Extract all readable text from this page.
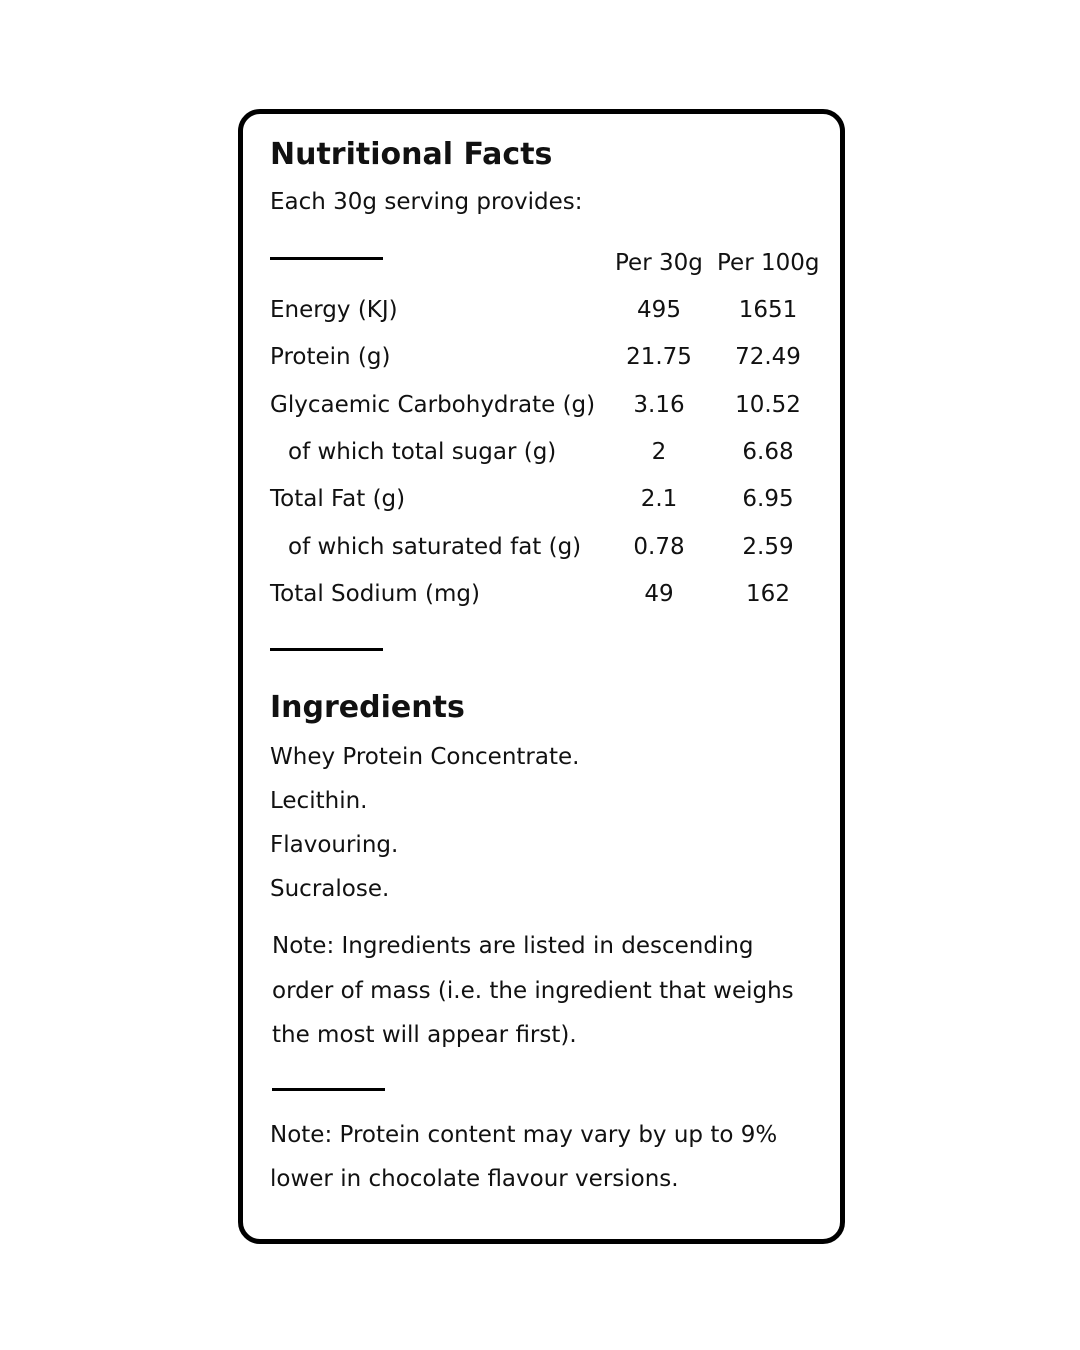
Nutritional Facts
Each 30g serving provides:
Per 30g Per 100g
Energy (KJ)	495	1651
Protein (g)	21.75	72.49
Glycaemic Carbohydrate (g)	3.16	10.52
of which total sugar (g)	2	6.68
Total Fat (g)	2.1	6.95
of which saturated fat (g)	0.78	2.59
Total Sodium (mg)	49	162
Ingredients
Whey Protein Concentrate.
Lecithin.
Flavouring.
Sucralose.
Note: Ingredients are listed in descending
order of mass (i.e. the ingredient that weighs
the most will appear first).
Note: Protein content may vary by up to 9%
lower in chocolate flavour versions.
